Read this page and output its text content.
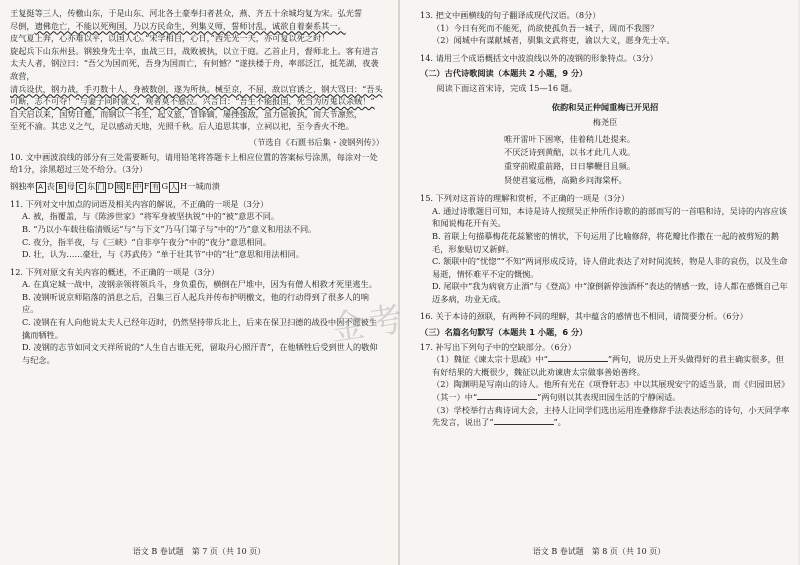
王复挺等三人，传檄山东，于是山东、河北各土豪奉扫者甚众，燕、齐五十余城均复为宋。弘光誓

尽倒，遗佛危亡，不能以死殉国，乃以方民命生，列集义师，誓师讨乱，诚欲自着秦系其一。

皮气夏上奔，心亦难以平，以国人心。”宋学相目，心日，”西先光一天，亦可复以死之时！

旋起兵下山东州县。钢独身先士卒，血战三日，战败被执，以立于庭。乙首止月，督师北上。客有进言太夫人者，钢泣曰：“吾父为国而死，吾身为国而亡，有何憾？”遂扶楼于舟，率部泛江，抵芜湖，夜袭敌营，

清兵设伏，钢力战，手刃数十人，身被数创，遂为所执。械至京，不屈，敌以官诱之，钢大骂曰：“吾头可断，志不可夺！”与妻子同时就义，观者莫不感泣。兴言曰：“吾生不能报国，死当为厉鬼以杀贼！”

自天启以来，国势日蹙，而钢以一书生，起义旅，冒锋镝，屡挫强敌，虽力屈被执，而大节凛然，

至死不渝。其忠义之气，足以感动天地，光照千秋。后人追思其事，立祠以祀，至今香火不绝。

（节选自《石匮书后集・凌钢列传》）

10. 文中画波浪线的部分有三处需要断句，请用铅笔将答题卡上相应位置的答案标号涂黑，每涂对一处给1分，涂黑超过三处不给分。（3分）

钢独率 A 丧 B 母 C 东 门 D 城 E 中 F 有 G 人 H一城而溃

11. 下列对文中加点的词语及相关内容的解说，不正确的一项是（3分）

A. 被，指覆盖，与《陈涉世家》“将军身被坚执锐”中的“被”意思不同。

B. “乃以小车载往临清贩运”与“与下文”乃马门第子与”中的“乃”意义和用法不同。

C. 夜分，指半夜，与《三峡》“自非亭午夜分”中的“夜分”意思相同。

D. 壮，认为……豪壮，与《苏武传》“单于壮其节”中的“壮”意思和用法相同。

12. 下列对原文有关内容的概述，不正确的一项是（3分）

A. 在真定城一战中，凌钢亲领将领兵斗，身负重伤，横倒在尸堆中，因为有僧人相救才死里逃生。

B. 凌钢听说京师陷落的消息之后，召集三百人起兵并传布护明檄文，他的行动得到了很多人的响应。

C. 凌钢在有人向他说太夫人已经年迈时，仍然坚持带兵北上，后来在保卫扫德的战役中因不愿被生擒而牺牲。

D. 凌钢的志节如同文天祥所说的“人生自古谁无死，留取丹心照汗青”，在他牺牲后受到世人的敬仰与纪念。

语文 B 卷试题　第 7 页（共 10 页）

13. 把文中画横线的句子翻译成现代汉语。（8分）

（1）今日有死而不能死，尚欲使孤负吾一城子，周而不我图？

（2）闻城中有谋献城者，驯集文武将吏，谕以大义，愿身先士卒。

14. 请用三个成语概括文中波浪线以外的凌钢的形象特点。（3分）

（二）古代诗歌阅读（本题共 2 小题，9 分）

阅读下面这首宋诗，完成 15—16 题。

依韵和吴正仲闻重梅已开见招

梅尧臣

唯开雷叶下困寒，佳着稍儿赴提来。

不厌泛诗到黄醅，以书才此几人戏。

重穿前殿重前路，日日攀鞭目且频。

贤使君宴远楷，高勤乡问海棠杯。

15. 下列对这首诗的理解和赏析，不正确的一项是（3分）

A. 通过诗歌题目可知，本诗是诗人按照吴正仲所作诗歌的韵部而写的一首唱和诗，吴诗的内容应该和闻说梅花开有关。

B. 首联上句描摹梅花花蕊繁密的情状，下句运用了比喻修辞，将花瓣比作撒在一起的被剪短的鹅毛，形象贴切又新鲜。

C. 颔联中的“忧惚”“不知”两词形成反诗，诗人借此表达了对时间流转，物是人非的哀伤，以及生命易逝，情怀难平不定的慨惋。

D. 尾联中“我为病衰方止酒”与《登高》中“潦倒新停浊酒杯”表达的情感一致，诗人都在感慨自己年迈多病，功业无成。

16. 关于本诗的颈联，有两种不同的理解，其中蕴含的感情也不相同，请简要分析。（6分）

（三）名篇名句默写（本题共 1 小题，6 分）

17. 补写出下列句子中的空缺部分。（6分）

（1）魏征《谏太宗十思疏》中“	”两句，说历史上开头做得好的君主确实很多，但有好结果的大概很少，魏征以此劝谏唐太宗做事善始善终。

（2）陶渊明是写南山的诗人。他所有光在《项脊轩志》中以其展现安宁的适当景，而《归园田居》（其一）中“	”两句则以其表现田园生活的宁静闲适。

（3）学校举行古典诗词大会，主持人让同学们选出运用连叠修辞手法表达形态的诗句，小天同学率先发言，说出了“	”。

语文 B 卷试题　第 8 页（共 10 页）
金考
